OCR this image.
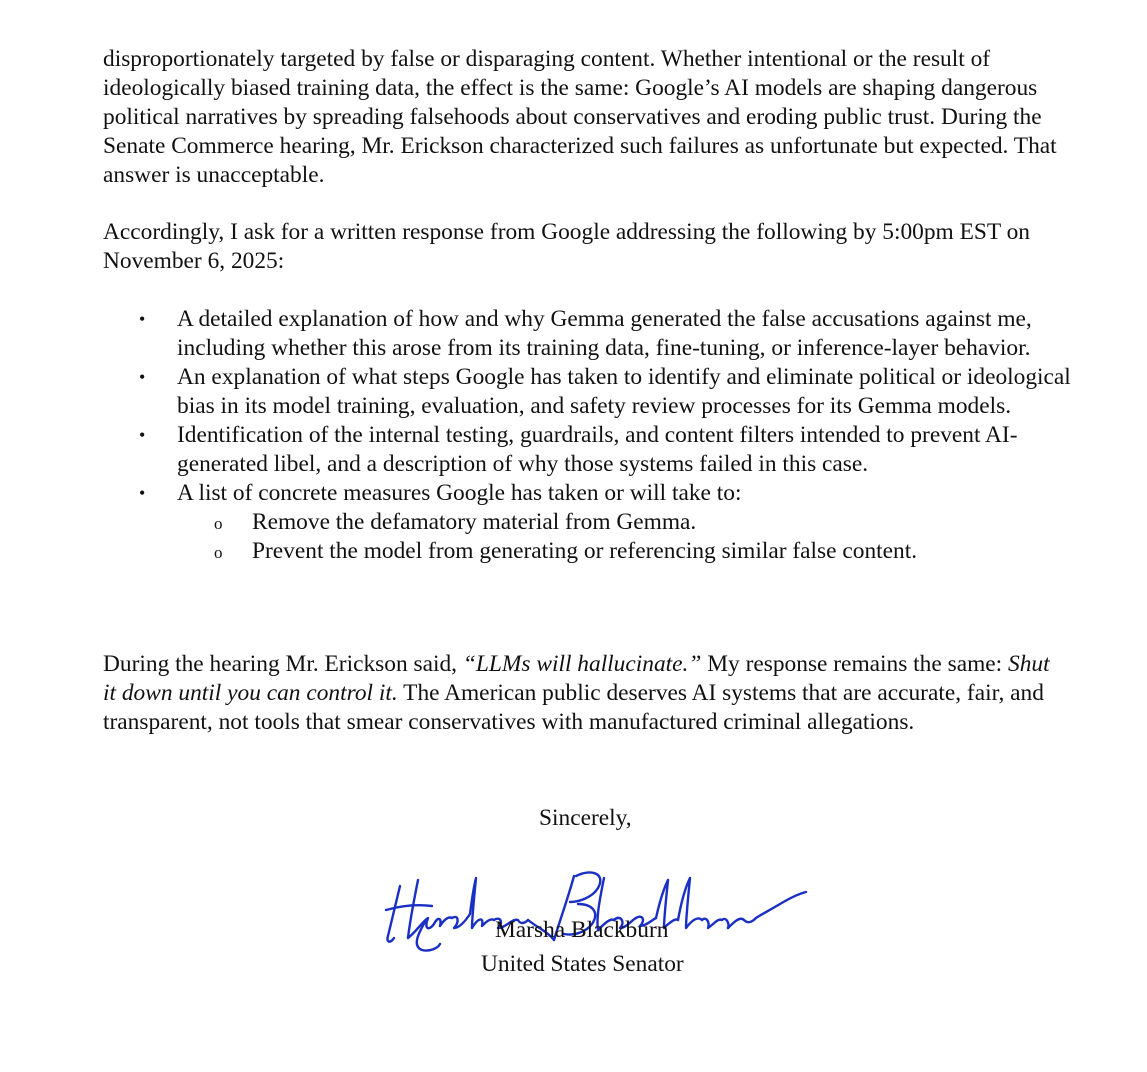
disproportionately targeted by false or disparaging content. Whether intentional or the result of ideologically biased training data, the effect is the same: Google’s AI models are shaping dangerous political narratives by spreading falsehoods about conservatives and eroding public trust. During the Senate Commerce hearing, Mr. Erickson characterized such failures as unfortunate but expected. That answer is unacceptable.

Accordingly, I ask for a written response from Google addressing the following by 5:00pm EST on November 6, 2025:

• A detailed explanation of how and why Gemma generated the false accusations against me, including whether this arose from its training data, fine-tuning, or inference-layer behavior.
• An explanation of what steps Google has taken to identify and eliminate political or ideological bias in its model training, evaluation, and safety review processes for its Gemma models.
• Identification of the internal testing, guardrails, and content filters intended to prevent AI-generated libel, and a description of why those systems failed in this case.
• A list of concrete measures Google has taken or will take to:
o Remove the defamatory material from Gemma.
o Prevent the model from generating or referencing similar false content.

During the hearing Mr. Erickson said, “LLMs will hallucinate.” My response remains the same: Shut it down until you can control it. The American public deserves AI systems that are accurate, fair, and transparent, not tools that smear conservatives with manufactured criminal allegations.

Sincerely,
Marsha Blackburn
United States Senator
